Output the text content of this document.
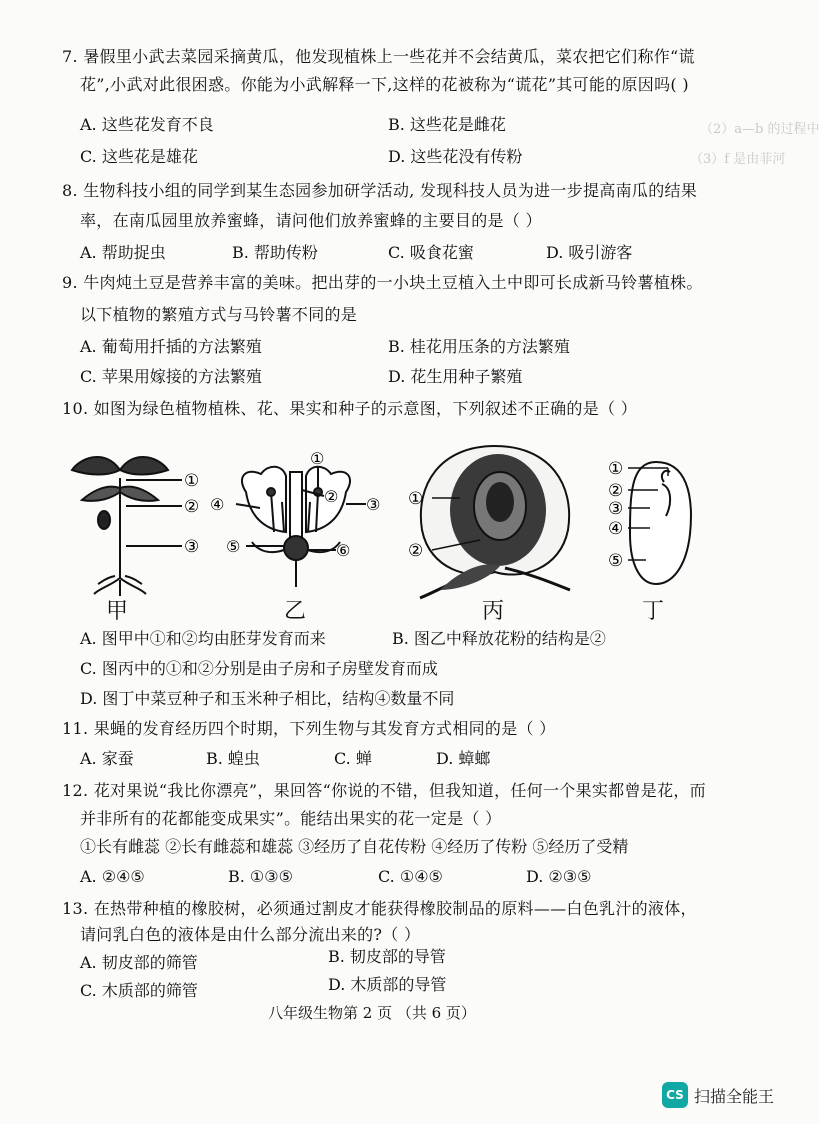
（2）a—b 的过程中
（3）f 是由菲河
7. 暑假里小武去菜园采摘黄瓜，他发现植株上一些花并不会结黄瓜，菜农把它们称作“谎
花”,小武对此很困惑。你能为小武解释一下,这样的花被称为“谎花”其可能的原因吗( )
A. 这些花发育不良	B. 这些花是雌花
C. 这些花是雄花	D. 这些花没有传粉
8. 生物科技小组的同学到某生态园参加研学活动, 发现科技人员为进一步提高南瓜的结果
率，在南瓜园里放养蜜蜂，请问他们放养蜜蜂的主要目的是（ ）
A. 帮助捉虫	B. 帮助传粉	C. 吸食花蜜	D. 吸引游客
9. 牛肉炖土豆是营养丰富的美味。把出芽的一小块土豆植入土中即可长成新马铃薯植株。
以下植物的繁殖方式与马铃薯不同的是
A. 葡萄用扦插的方法繁殖	B. 桂花用压条的方法繁殖
C. 苹果用嫁接的方法繁殖	D. 花生用种子繁殖
10. 如图为绿色植物植株、花、果实和种子的示意图，下列叙述不正确的是（ ）
①
②
③
甲
①
② ③
④
⑤	⑥
乙
①
②
丙
①
②
③
④
⑤
丁
A. 图甲中①和②均由胚芽发育而来	B. 图乙中释放花粉的结构是②
C. 图丙中的①和②分别是由子房和子房壁发育而成
D. 图丁中菜豆种子和玉米种子相比，结构④数量不同
11. 果蝇的发育经历四个时期，下列生物与其发育方式相同的是（ ）
A. 家蚕	B. 蝗虫	C. 蝉	D. 蟑螂
12. 花对果说“我比你漂亮”，果回答“你说的不错，但我知道，任何一个果实都曾是花，而
并非所有的花都能变成果实”。能结出果实的花一定是（ ）
①长有雌蕊 ②长有雌蕊和雄蕊 ③经历了自花传粉 ④经历了传粉 ⑤经历了受精
A. ②④⑤	B. ①③⑤	C. ①④⑤	D. ②③⑤
13. 在热带种植的橡胶树，必须通过割皮才能获得橡胶制品的原料——白色乳汁的液体，
请问乳白色的液体是由什么部分流出来的?（ ）
A. 韧皮部的筛管	B. 韧皮部的导管
C. 木质部的筛管	D. 木质部的导管
八年级生物第 2 页 （共 6 页）
CS 扫描全能王
